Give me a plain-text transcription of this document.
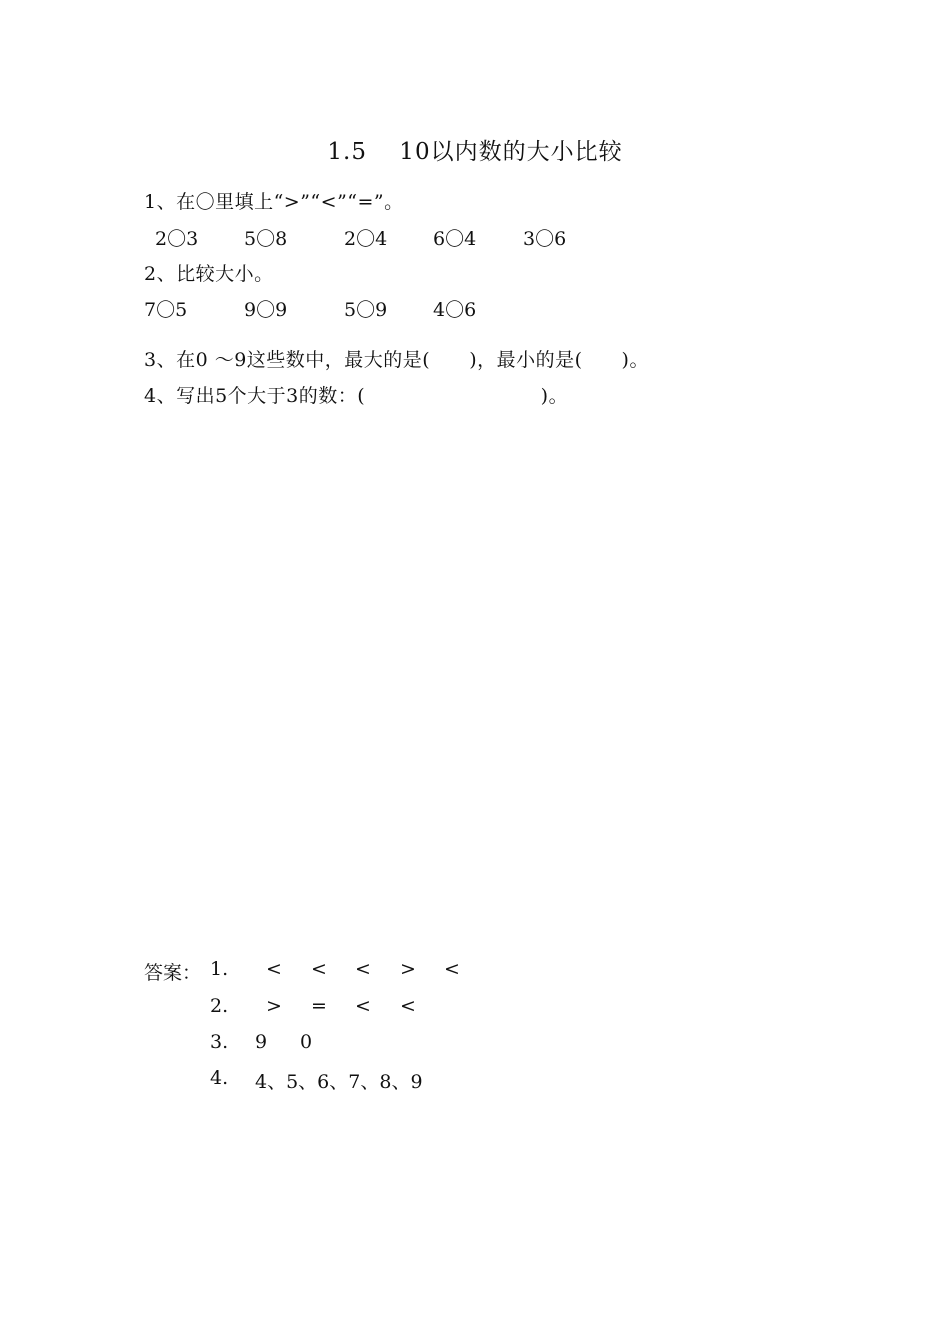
1.5　 10以内数的大小比较
1、在〇里填上“>”“<”“=”。
2〇3 5〇8	2〇4 6〇4 3〇6
2、比较大小。
7〇5	9〇9	5〇9 4〇6
3、在0 ～9这些数中，最大的是(　　)，最小的是(　　)。
4、写出5个大于3的数：(　　　　　　　　　)。
答案： 1. < < < > <
2. > = < <
3. 9 0
4. 4、5、6、7、8、9
